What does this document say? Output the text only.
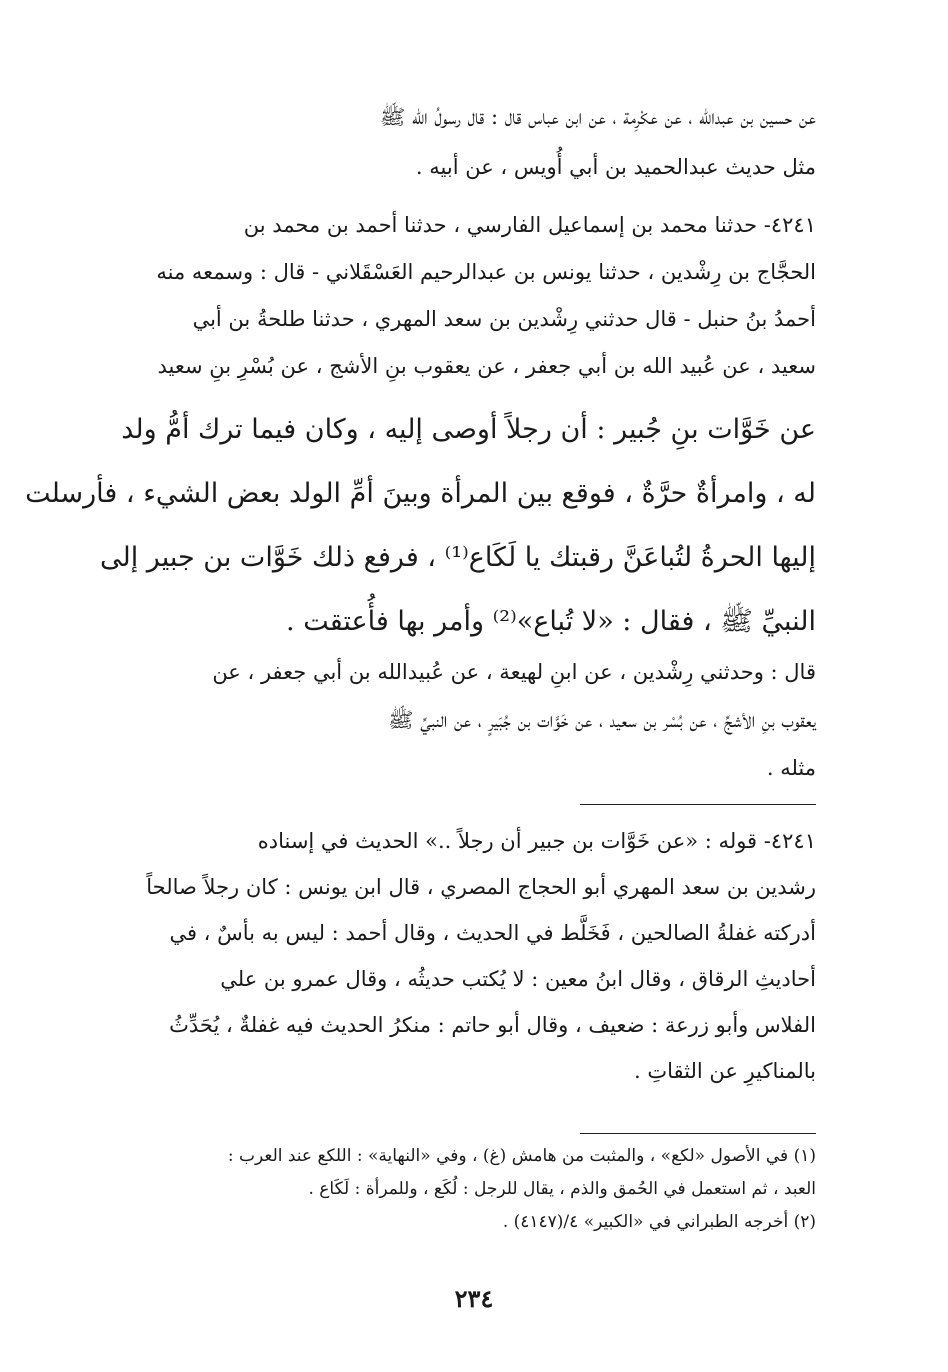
عن حسين بن عبدالله ، عن عكْرِمة ، عن ابن عباس قال : قال رسولُ الله ﷺ
مثل حديث عبدالحميد بن أبي أُويس ، عن أبيه .
٤٢٤١- حدثنا محمد بن إسماعيل الفارسي ، حدثنا أحمد بن محمد بن
الحجَّاج بن رِشْدين ، حدثنا يونس بن عبدالرحيم العَسْقَلاني - قال : وسمعه منه
أحمدُ بنُ حنبل - قال حدثني رِشْدين بن سعد المهري ، حدثنا طلحةُ بن أبي
سعيد ، عن عُبيد الله بن أبي جعفر ، عن يعقوب بنِ الأشج ، عن بُسْرِ بنِ سعيد
عن خَوَّات بنِ جُبير : أن رجلاً أوصى إليه ، وكان فيما ترك أمُّ ولد
له ، وامرأةٌ حرَّةٌ ، فوقع بين المرأة وبينَ أمِّ الولد بعض الشيء ، فأرسلت
إليها الحرةُ لتُباعَنَّ رقبتك يا لَكَاع⁽¹⁾ ، فرفع ذلك خَوَّات بن جبير إلى
النبيِّ ﷺ ، فقال : «لا تُباع»⁽²⁾ وأمر بها فأُعتقت .
قال : وحدثني رِشْدين ، عن ابنِ لهيعة ، عن عُبيدالله بن أبي جعفر ، عن
يعقوب بنِ الأشجِّ ، عن بُسْر بن سعيد ، عن خَوَّات بن جُبَيرٍ ، عن النبيِّ ﷺ
مثله .
٤٢٤١- قوله : «عن خَوَّات بن جبير أن رجلاً ..» الحديث في إسناده
رشدين بن سعد المهري أبو الحجاج المصري ، قال ابن يونس : كان رجلاً صالحاً
أدركته غفلةُ الصالحين ، فَخَلَّط في الحديث ، وقال أحمد : ليس به بأسٌ ، في
أحاديثِ الرقاق ، وقال ابنُ معين : لا يُكتب حديثُه ، وقال عمرو بن علي
الفلاس وأبو زرعة : ضعيف ، وقال أبو حاتم : منكرُ الحديث فيه غفلةٌ ، يُحَدِّثُ
بالمناكيرِ عن الثقاتِ .
(١) في الأصول «لكع» ، والمثبت من هامش (غ) ، وفي «النهاية» : اللكع عند العرب :
العبد ، ثم استعمل في الحُمق والذم ، يقال للرجل : لُكَع ، وللمرأة : لَكَاع .
(٢) أخرجه الطبراني في «الكبير» ٤/(٤١٤٧) .
٢٣٤
